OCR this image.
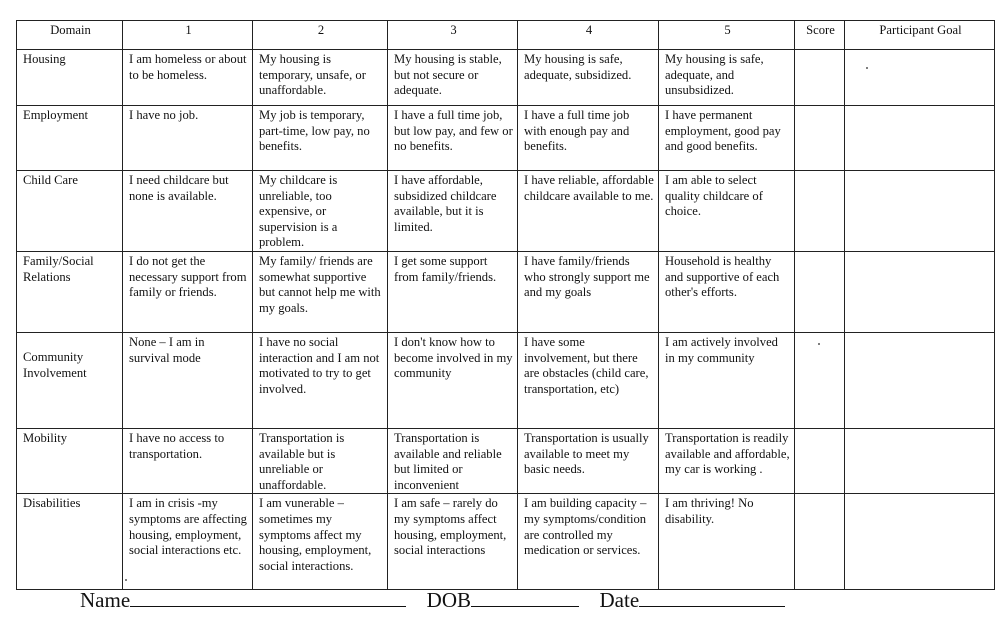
Domain	1	2	3	4	5	Score	Participant Goal
Housing	I am homeless or about to be homeless.	My housing is temporary, unsafe, or unaffordable.	My housing is stable, but not secure or adequate.	My housing is safe, adequate, subsidized.	My housing is safe, adequate, and unsubsidized.		
Employment	I have no job.	My job is temporary, part-time, low pay, no benefits.	I have a full time job, but low pay, and few or no benefits.	I have a full time job with enough pay and benefits.	I have permanent employment, good pay and good benefits.		
Child Care	I need childcare but none is available.	My childcare is unreliable, too expensive, or supervision is a problem.	I have affordable, subsidized childcare available, but it is limited.	I have reliable, affordable childcare available to me.	I am able to select quality childcare of choice.		
Family/Social Relations	I do not get the necessary support from family or friends.	My family/ friends are somewhat supportive but cannot help me with my goals.	I get some support from family/friends.	I have family/friends who strongly support me and my goals	Household is healthy and supportive of each other's efforts.		
Community Involvement	None – I am in survival mode	I have no social interaction and I am not motivated to try to get involved.	I don't know how to become involved in my community	I have some involvement, but there are obstacles (child care, transportation, etc)	I am actively involved in my community		
Mobility	I have no access to transportation.	Transportation is available but is unreliable or unaffordable.	Transportation is available and reliable but limited or inconvenient	Transportation is usually available to meet my basic needs.	Transportation is readily available and affordable, my car is working .		
Disabilities	I am in crisis -my symptoms are affecting housing, employment, social interactions etc.	I am vunerable – sometimes my symptoms affect my housing, employment, social interactions.	I am safe – rarely do my symptoms affect housing, employment, social interactions	I am building capacity – my symptoms/condition are controlled my medication or services.	I am thriving! No disability.		
Name	DOB	Date
